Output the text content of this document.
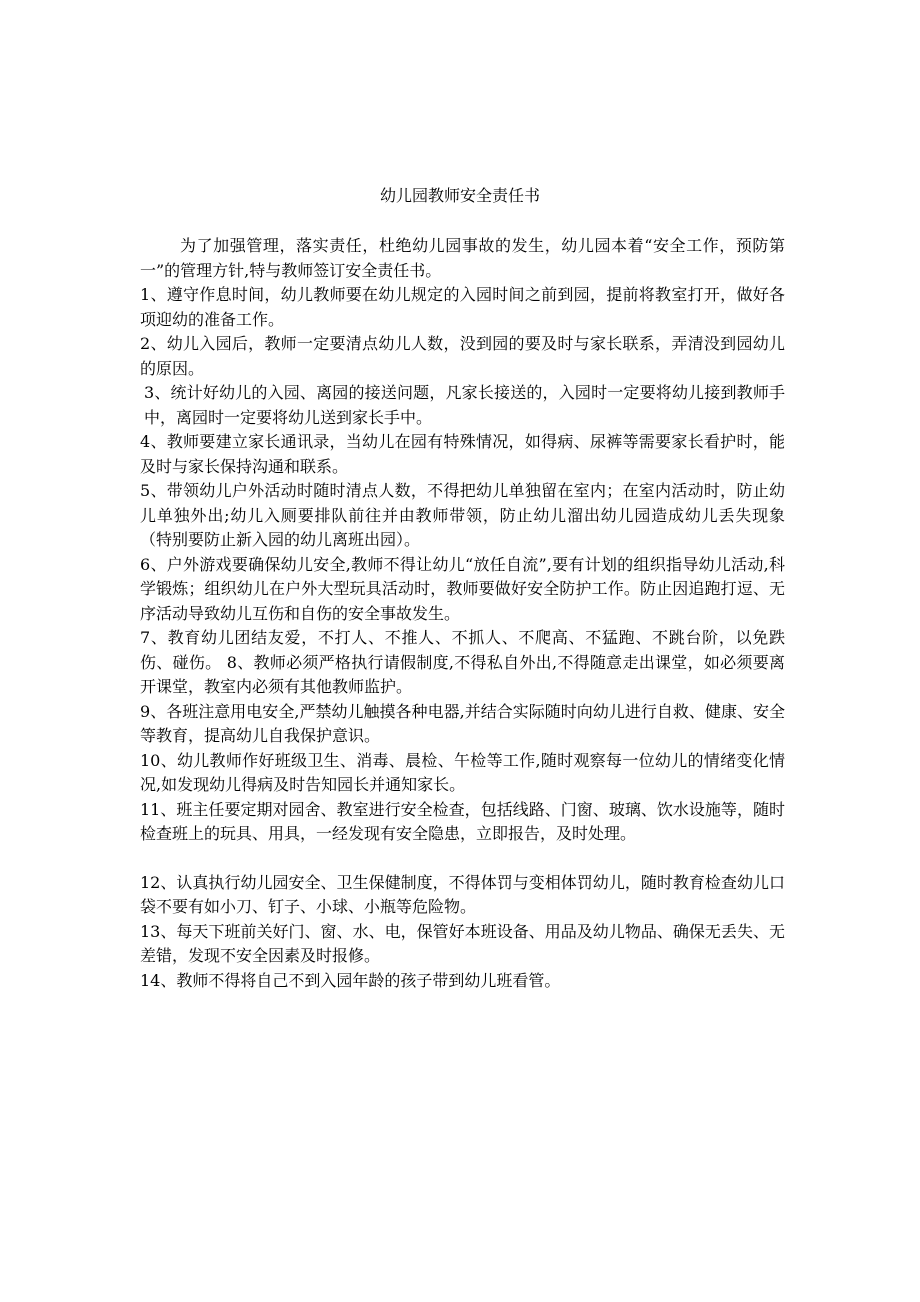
幼儿园教师安全责任书

为了加强管理，落实责任，杜绝幼儿园事故的发生，幼儿园本着“安全工作，预防第一”的管理方针,特与教师签订安全责任书。

1、遵守作息时间，幼儿教师要在幼儿规定的入园时间之前到园，提前将教室打开，做好各项迎幼的准备工作。

2、幼儿入园后，教师一定要清点幼儿人数，没到园的要及时与家长联系，弄清没到园幼儿的原因。

3、统计好幼儿的入园、离园的接送问题，凡家长接送的，入园时一定要将幼儿接到教师手中，离园时一定要将幼儿送到家长手中。

4、教师要建立家长通讯录，当幼儿在园有特殊情况，如得病、尿裤等需要家长看护时，能及时与家长保持沟通和联系。

5、带领幼儿户外活动时随时清点人数，不得把幼儿单独留在室内；在室内活动时，防止幼儿单独外出;幼儿入厕要排队前往并由教师带领，防止幼儿溜出幼儿园造成幼儿丢失现象（特别要防止新入园的幼儿离班出园）。

6、户外游戏要确保幼儿安全,教师不得让幼儿“放任自流”,要有计划的组织指导幼儿活动,科学锻炼；组织幼儿在户外大型玩具活动时，教师要做好安全防护工作。防止因追跑打逗、无序活动导致幼儿互伤和自伤的安全事故发生。

7、教育幼儿团结友爱，不打人、不推人、不抓人、不爬高、不猛跑、不跳台阶，以免跌伤、碰伤。 8、教师必须严格执行请假制度,不得私自外出,不得随意走出课堂，如必须要离开课堂，教室内必须有其他教师监护。

9、各班注意用电安全,严禁幼儿触摸各种电器,并结合实际随时向幼儿进行自救、健康、安全等教育，提高幼儿自我保护意识。

10、幼儿教师作好班级卫生、消毒、晨检、午检等工作,随时观察每一位幼儿的情绪变化情况,如发现幼儿得病及时告知园长并通知家长。

11、班主任要定期对园舍、教室进行安全检查，包括线路、门窗、玻璃、饮水设施等，随时检查班上的玩具、用具，一经发现有安全隐患，立即报告，及时处理。

12、认真执行幼儿园安全、卫生保健制度，不得体罚与变相体罚幼儿，随时教育检查幼儿口袋不要有如小刀、钉子、小球、小瓶等危险物。

13、每天下班前关好门、窗、水、电，保管好本班设备、用品及幼儿物品、确保无丢失、无差错，发现不安全因素及时报修。

14、教师不得将自己不到入园年龄的孩子带到幼儿班看管。
